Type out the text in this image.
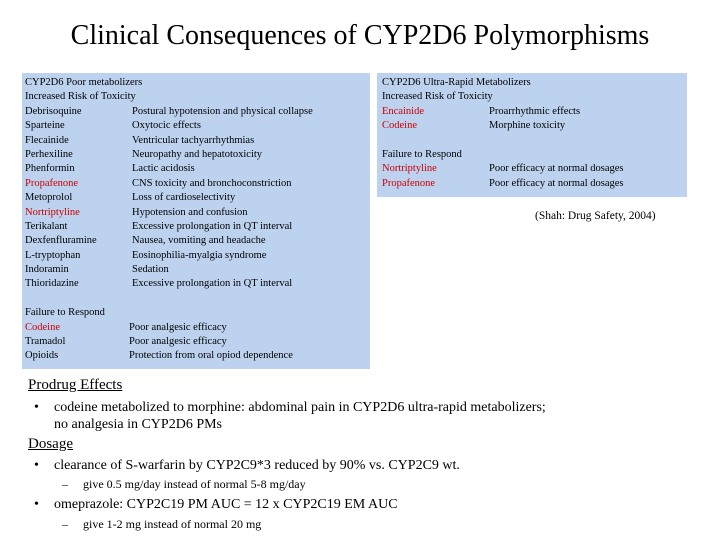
Clinical Consequences of CYP2D6 Polymorphisms
CYP2D6 Poor metabolizers
Increased Risk of Toxicity
Debrisoquine	Postural hypotension and physical collapse
Sparteine	Oxytocic effects
Flecainide	Ventricular tachyarrhythmias
Perhexiline	Neuropathy and hepatotoxicity
Phenformin	Lactic acidosis
Propafenone	CNS toxicity and bronchoconstriction
Metoprolol	Loss of cardioselectivity
Nortriptyline	Hypotension and confusion
Terikalant	Excessive prolongation in QT interval
Dexfenfluramine	Nausea, vomiting and headache
L-tryptophan	Eosinophilia-myalgia syndrome
Indoramin	Sedation
Thioridazine	Excessive prolongation in QT interval
Failure to Respond
Codeine	Poor analgesic efficacy
Tramadol	Poor analgesic efficacy
Opioids	Protection from oral opiod dependence
CYP2D6 Ultra-Rapid Metabolizers
Increased Risk of Toxicity
Encainide	Proarrhythmic effects
Codeine	Morphine toxicity
Failure to Respond
Nortriptyline	Poor efficacy at normal dosages
Propafenone	Poor efficacy at normal dosages
(Shah: Drug Safety, 2004)
Prodrug Effects
• codeine metabolized to morphine: abdominal pain in CYP2D6 ultra-rapid metabolizers;
no analgesia in CYP2D6 PMs
Dosage
• clearance of S-warfarin by CYP2C9*3 reduced by 90% vs. CYP2C9 wt.
– give 0.5 mg/day instead of normal 5-8 mg/day
• omeprazole: CYP2C19 PM AUC = 12 x CYP2C19 EM AUC
– give 1-2 mg instead of normal 20 mg
